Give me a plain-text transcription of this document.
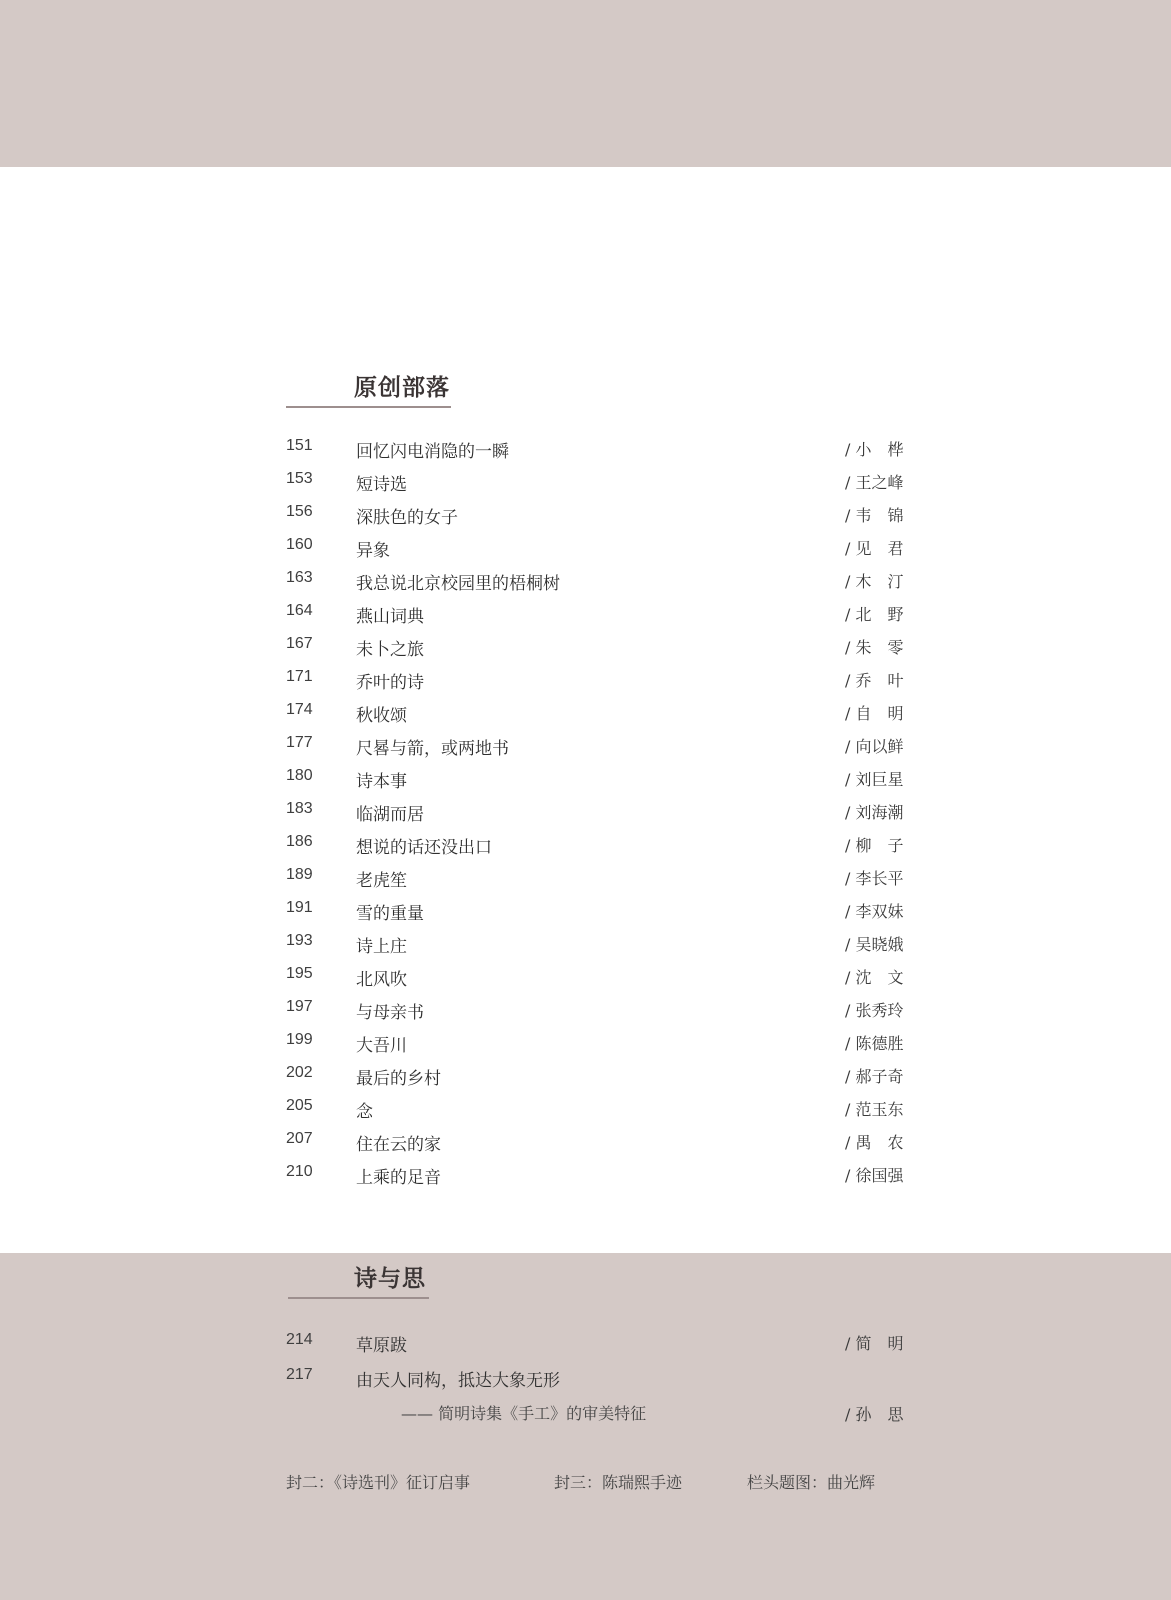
原创部落
151	回忆闪电消隐的一瞬	/ 小　桦
153	短诗选	/ 王之峰
156	深肤色的女子	/ 韦　锦
160	异象	/ 见　君
163	我总说北京校园里的梧桐树	/ 木　汀
164	燕山词典	/ 北　野
167	未卜之旅	/ 朱　零
171	乔叶的诗	/ 乔　叶
174	秋收颂	/ 自　明
177	尺晷与箭，或两地书	/ 向以鲜
180	诗本事	/ 刘巨星
183	临湖而居	/ 刘海潮
186	想说的话还没出口	/ 柳　子
189	老虎笙	/ 李长平
191	雪的重量	/ 李双妹
193	诗上庄	/ 吴晓娥
195	北风吹	/ 沈　文
197	与母亲书	/ 张秀玲
199	大吾川	/ 陈德胜
202	最后的乡村	/ 郝子奇
205	念	/ 范玉东
207	住在云的家	/ 禺　农
210	上乘的足音	/ 徐国强
诗与思
214	草原跋	/ 简　明
217	由天人同构，抵达大象无形
—— 简明诗集《手工》的审美特征	/ 孙　思
封二：《诗选刊》征订启事	封三：陈瑞熙手迹	栏头题图：曲光辉
